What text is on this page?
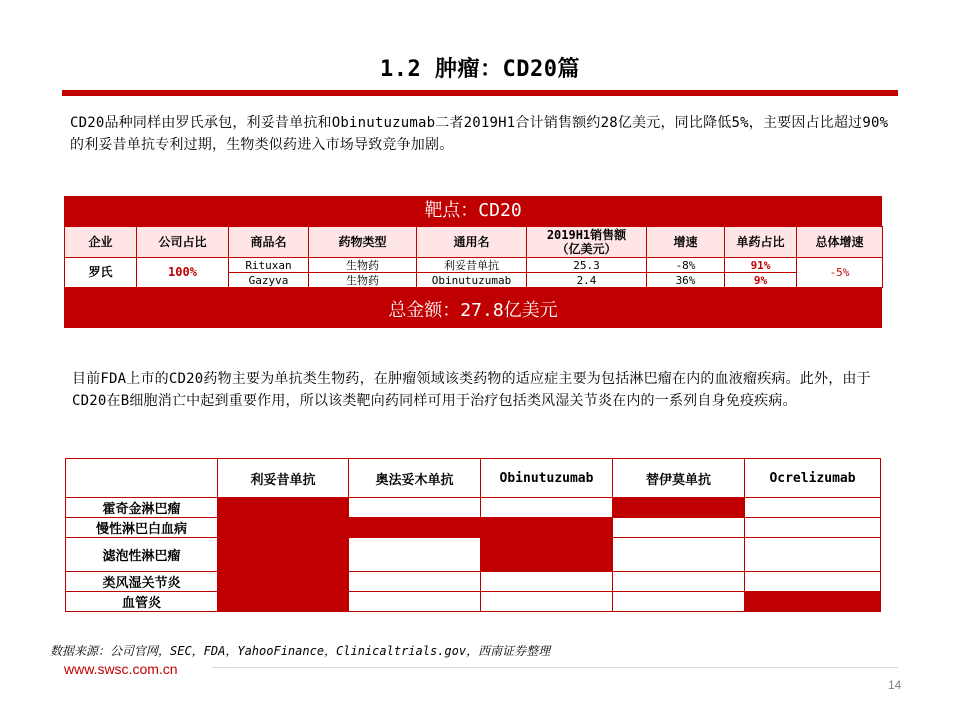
1.2 肿瘤：CD20篇
CD20品种同样由罗氏承包，利妥昔单抗和Obinutuzumab二者2019H1合计销售额约28亿美元，同比降低5%，主要因占比超过90%的利妥昔单抗专利过期，生物类似药进入市场导致竞争加剧。
靶点：CD20
企业	公司占比	商品名	药物类型	通用名	2019H1销售额
（亿美元）	增速	单药占比	总体增速
罗氏	100%	Rituxan	生物药	利妥昔单抗	25.3	-8%	91%	-5%
		Gazyva	生物药	Obinutuzumab	2.4	36%	9%	
总金额：27.8亿美元
目前FDA上市的CD20药物主要为单抗类生物药，在肿瘤领域该类药物的适应症主要为包括淋巴瘤在内的血液瘤疾病。此外，由于CD20在B细胞消亡中起到重要作用，所以该类靶向药同样可用于治疗包括类风湿关节炎在内的一系列自身免疫疾病。
	利妥昔单抗	奥法妥木单抗	Obinutuzumab	替伊莫单抗	Ocrelizumab
霍奇金淋巴瘤					
慢性淋巴白血病					
滤泡性淋巴瘤					
类风湿关节炎					
血管炎					
数据来源：公司官网，SEC，FDA，YahooFinance，Clinicaltrials.gov，西南证券整理
www.swsc.com.cn
14
